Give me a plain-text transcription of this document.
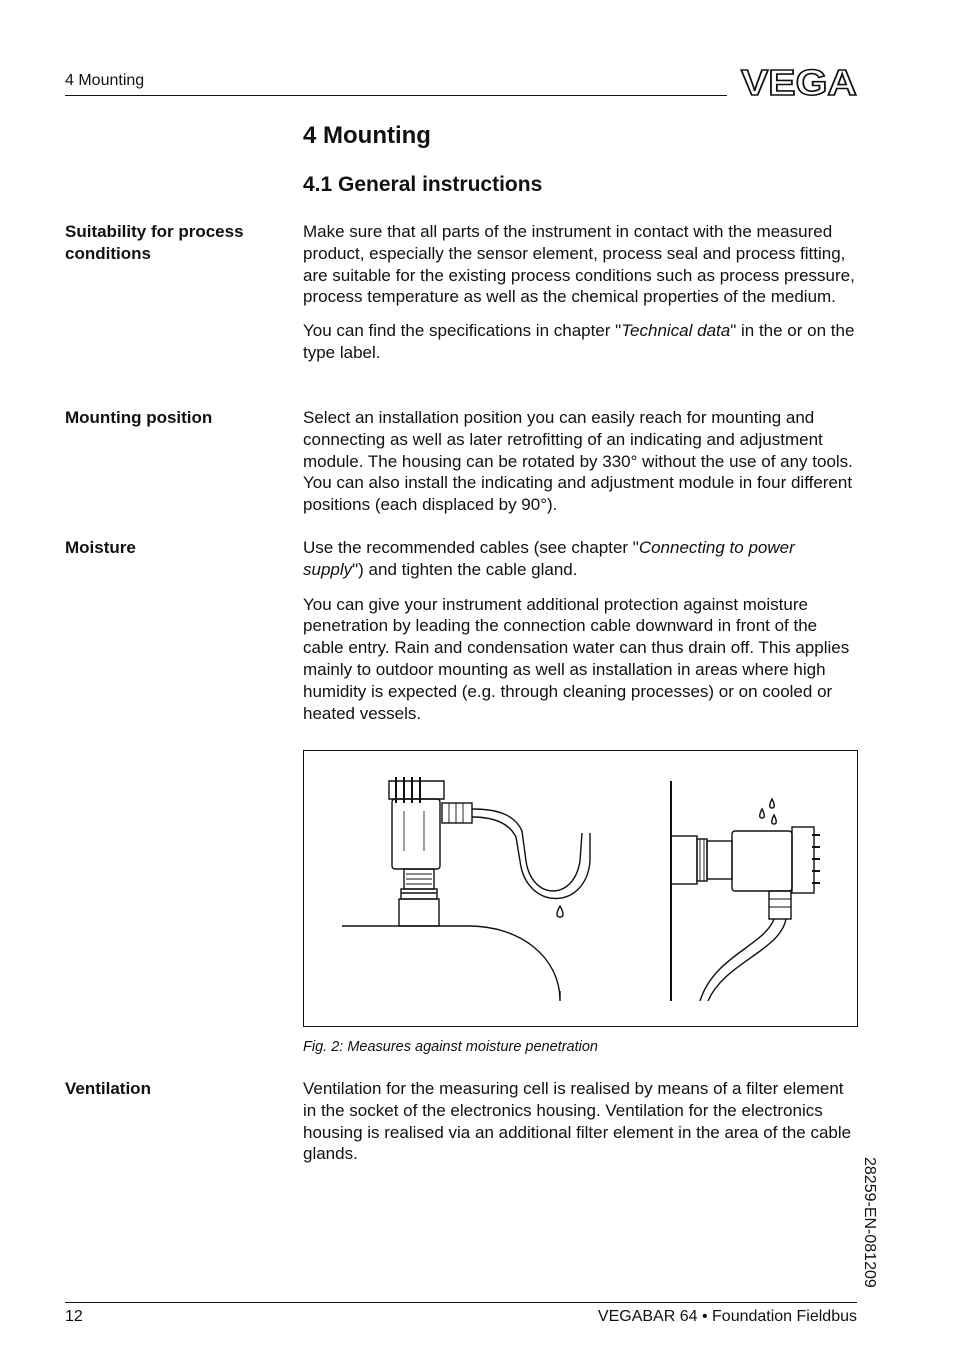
4 Mounting	VEGA
4 Mounting
4.1 General instructions
Suitability for process conditions

Make sure that all parts of the instrument in contact with the measured product, especially the sensor element, process seal and process fitting, are suitable for the existing process conditions such as process pressure, process temperature as well as the chemical properties of the medium.

You can find the specifications in chapter "Technical data" in the or on the type label.

Mounting position	Select an installation position you can easily reach for mounting and connecting as well as later retrofitting of an indicating and adjustment module. The housing can be rotated by 330° without the use of any tools. You can also install the indicating and adjustment module in four different positions (each displaced by 90°).

Moisture	Use the recommended cables (see chapter "Connecting to power supply") and tighten the cable gland.

You can give your instrument additional protection against moisture penetration by leading the connection cable downward in front of the cable entry. Rain and condensation water can thus drain off. This applies mainly to outdoor mounting as well as installation in areas where high humidity is expected (e.g. through cleaning processes) or on cooled or heated vessels.

Fig. 2: Measures against moisture penetration
Ventilation	Ventilation for the measuring cell is realised by means of a filter element in the socket of the electronics housing. Ventilation for the electronics housing is realised via an additional filter element in the area of the cable glands.

28259-EN-081209
12	VEGABAR 64 • Foundation Fieldbus
